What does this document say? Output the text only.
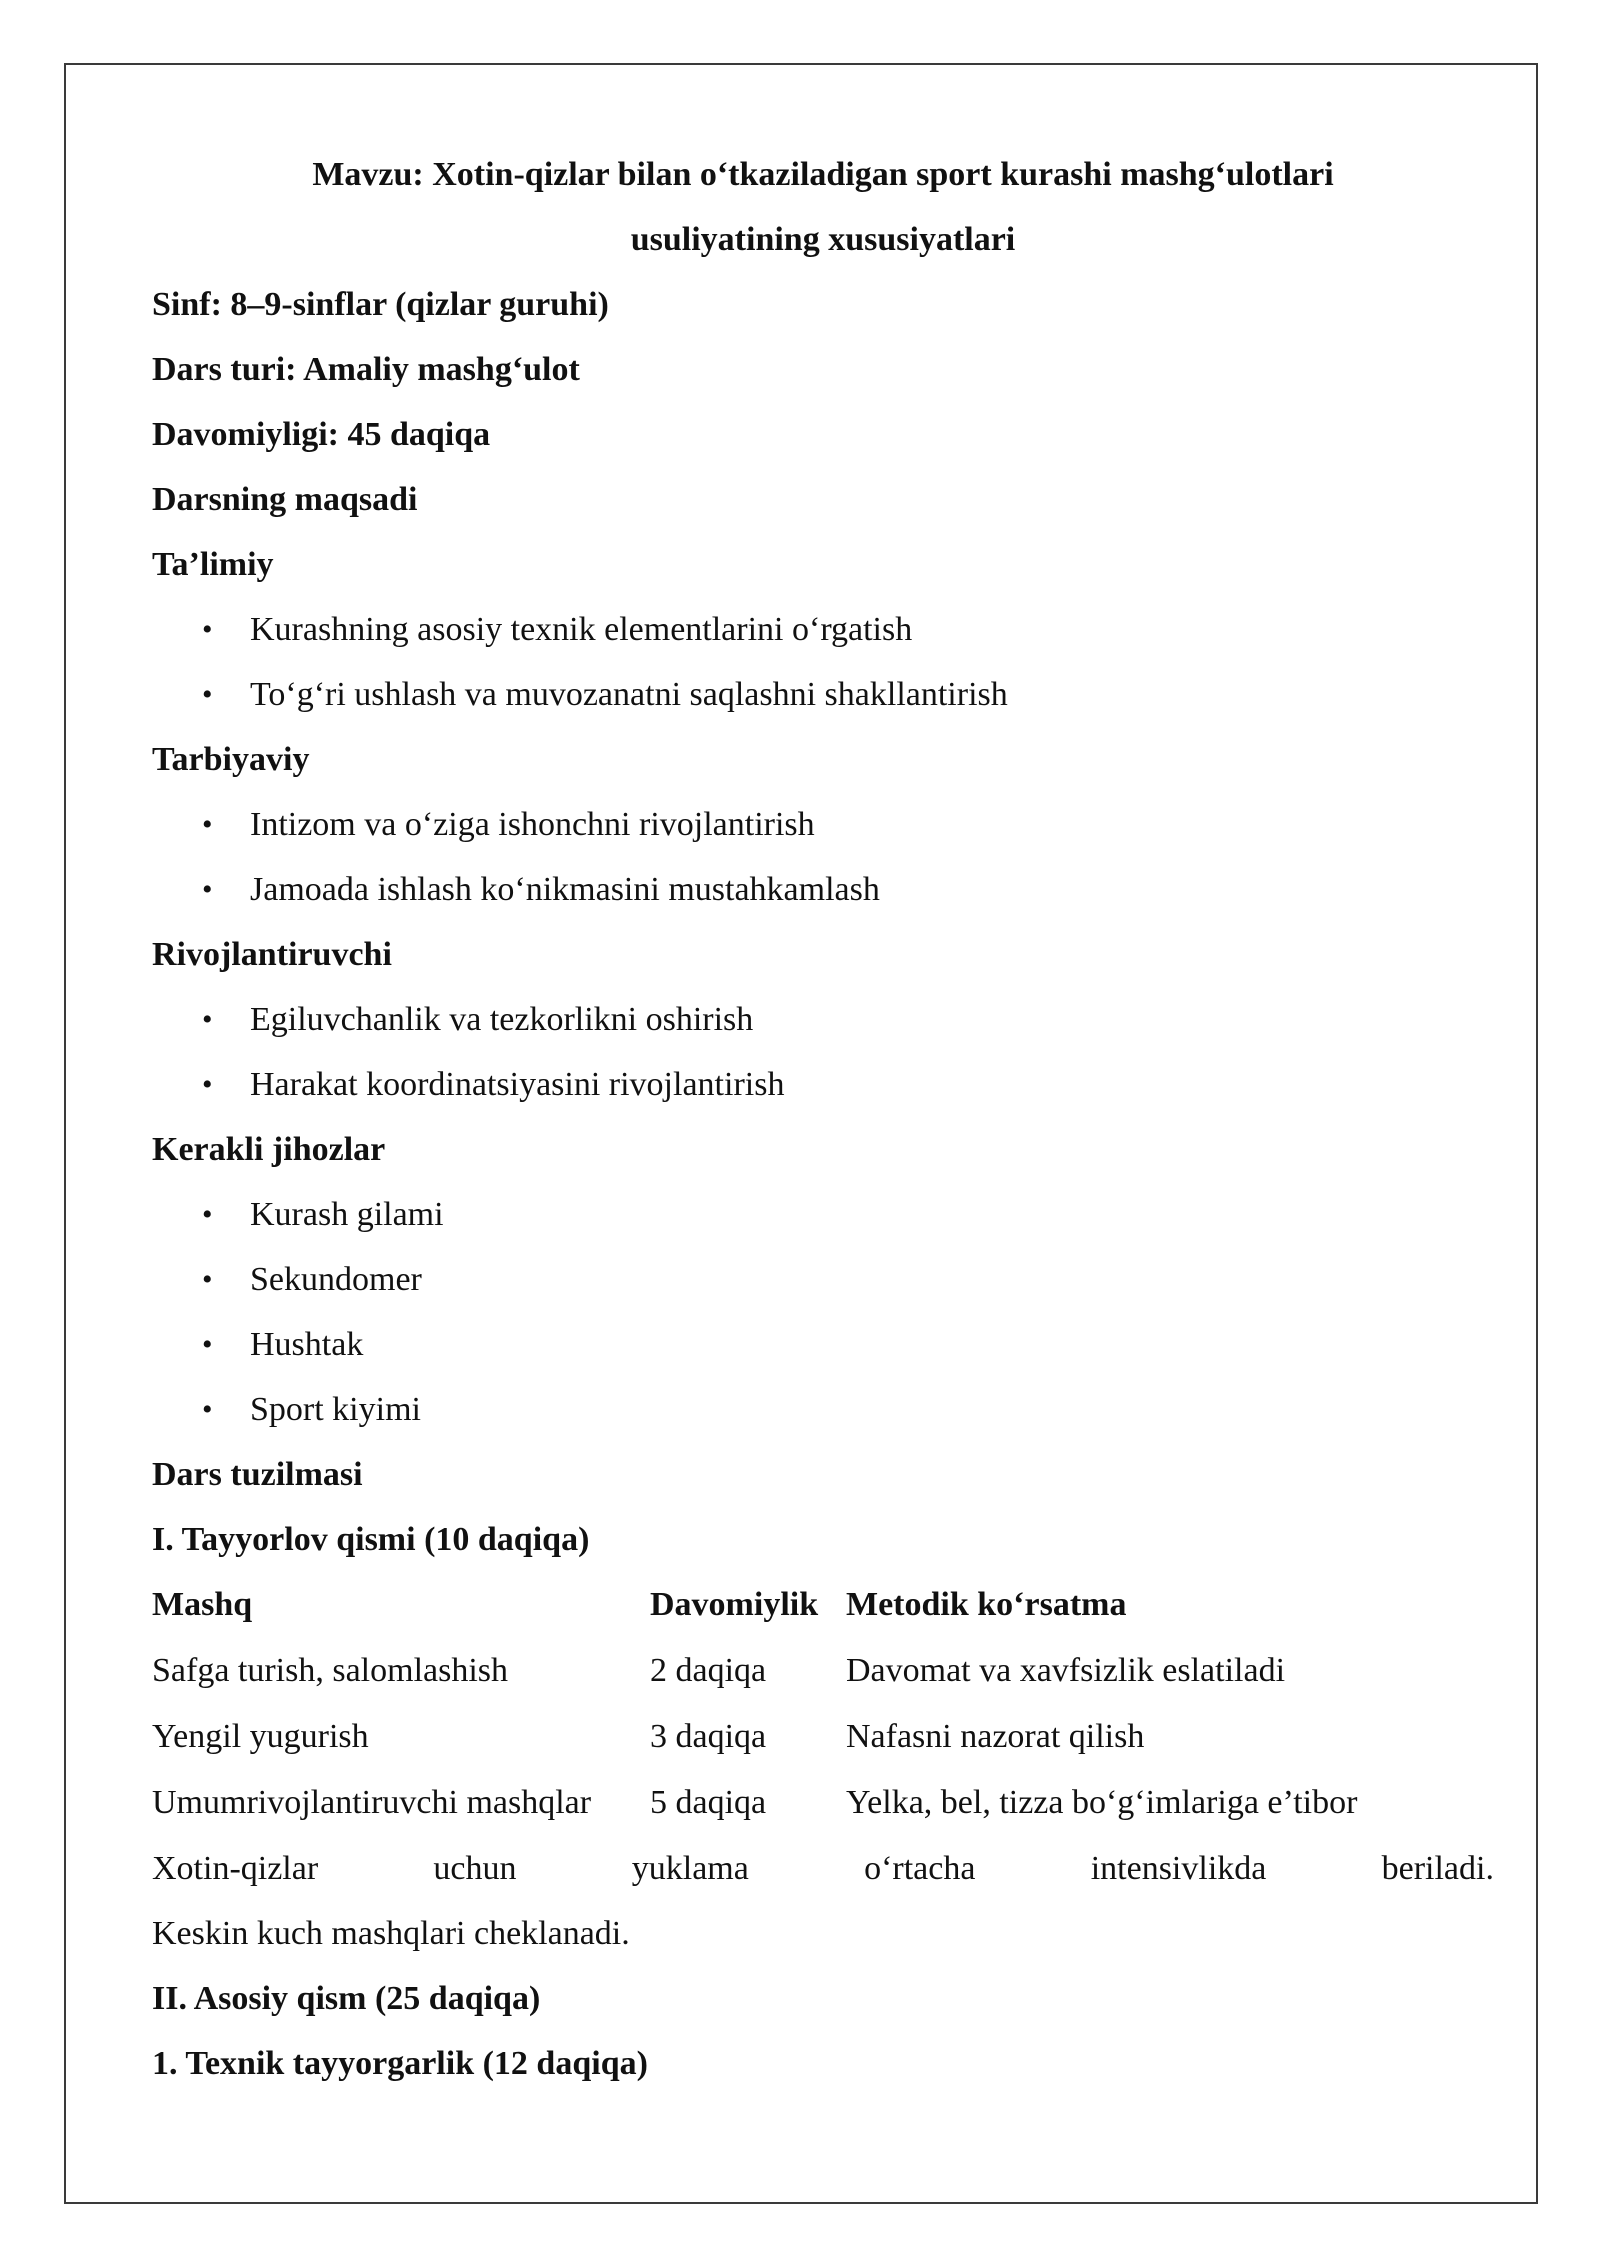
Mavzu: Xotin-qizlar bilan o‘tkaziladigan sport kurashi mashg‘ulotlari
usuliyatining xususiyatlari
Sinf: 8–9-sinflar (qizlar guruhi)
Dars turi: Amaliy mashg‘ulot
Davomiyligi: 45 daqiqa
Darsning maqsadi
Ta’limiy
• Kurashning asosiy texnik elementlarini o‘rgatish
• To‘g‘ri ushlash va muvozanatni saqlashni shakllantirish
Tarbiyaviy
• Intizom va o‘ziga ishonchni rivojlantirish
• Jamoada ishlash ko‘nikmasini mustahkamlash
Rivojlantiruvchi
• Egiluvchanlik va tezkorlikni oshirish
• Harakat koordinatsiyasini rivojlantirish
Kerakli jihozlar
• Kurash gilami
• Sekundomer
• Hushtak
• Sport kiyimi
Dars tuzilmasi
I. Tayyorlov qismi (10 daqiqa)
Mashq	Davomiylik	Metodik ko‘rsatma
Safga turish, salomlashish	2 daqiqa	Davomat va xavfsizlik eslatiladi
Yengil yugurish	3 daqiqa	Nafasni nazorat qilish
Umumrivojlantiruvchi mashqlar	5 daqiqa	Yelka, bel, tizza bo‘g‘imlariga e’tibor
Xotin-qizlar	uchun	yuklama	o‘rtacha	intensivlikda	beriladi.
Keskin kuch mashqlari cheklanadi.
II. Asosiy qism (25 daqiqa)
1. Texnik tayyorgarlik (12 daqiqa)
